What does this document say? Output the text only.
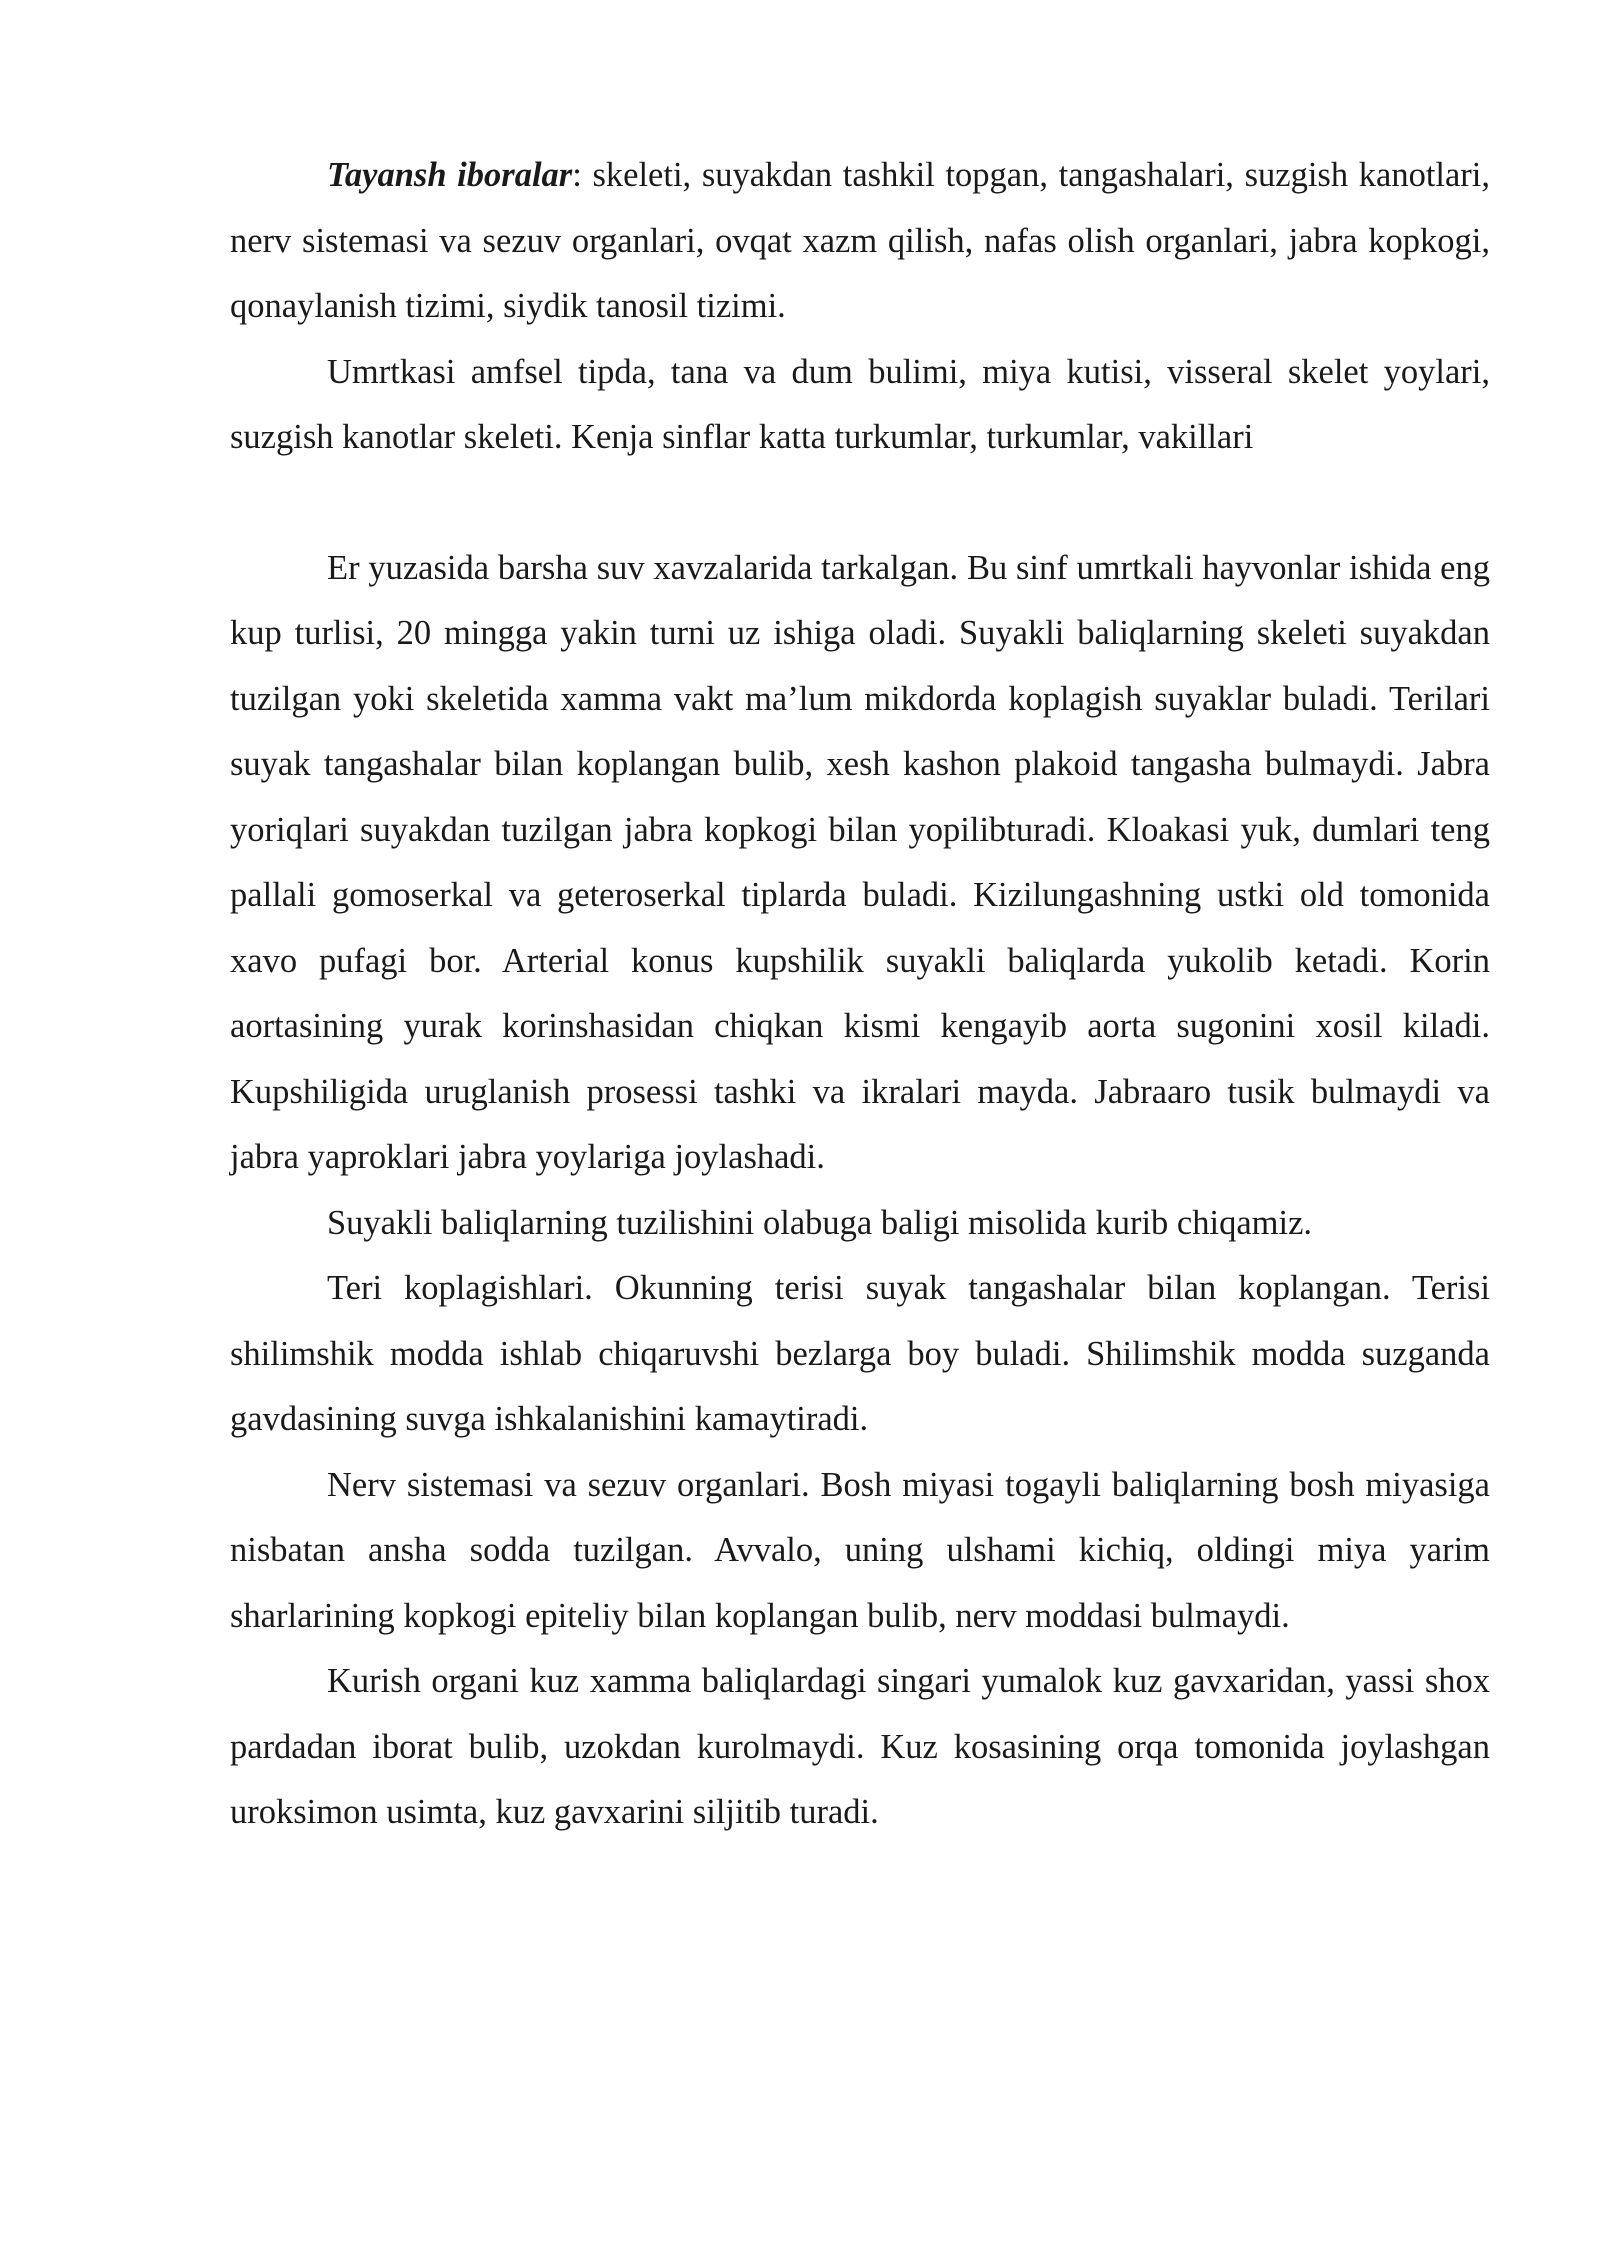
Tayansh iboralar: skeleti, suyakdan tashkil topgan, tangashalari, suzgish kanotlari, nerv sistemasi va sezuv organlari, ovqat xazm qilish, nafas olish organlari, jabra kopkogi, qonaylanish tizimi, siydik tanosil tizimi.

Umrtkasi amfsel tipda, tana va dum bulimi, miya kutisi, visseral skelet yoylari, suzgish kanotlar skeleti. Kenja sinflar katta turkumlar, turkumlar, vakillari

Er yuzasida barsha suv xavzalarida tarkalgan. Bu sinf umrtkali hayvonlar ishida eng kup turlisi, 20 mingga yakin turni uz ishiga oladi. Suyakli baliqlarning skeleti suyakdan tuzilgan yoki skeletida xamma vakt ma’lum mikdorda koplagish suyaklar buladi. Terilari suyak tangashalar bilan koplangan bulib, xesh kashon plakoid tangasha bulmaydi. Jabra yoriqlari suyakdan tuzilgan jabra kopkogi bilan yopilibturadi. Kloakasi yuk, dumlari teng pallali gomoserkal va geteroserkal tiplarda buladi. Kizilungashning ustki old tomonida xavo pufagi bor. Arterial konus kupshilik suyakli baliqlarda yukolib ketadi. Korin aortasining yurak korinshasidan chiqkan kismi kengayib aorta sugonini xosil kiladi. Kupshiligida uruglanish prosessi tashki va ikralari mayda. Jabraaro tusik bulmaydi va jabra yaproklari jabra yoylariga joylashadi.

Suyakli baliqlarning tuzilishini olabuga baligi misolida kurib chiqamiz.

Teri koplagishlari. Okunning terisi suyak tangashalar bilan koplangan. Terisi shilimshik modda ishlab chiqaruvshi bezlarga boy buladi. Shilimshik modda suzganda gavdasining suvga ishkalanishini kamaytiradi.

Nerv sistemasi va sezuv organlari. Bosh miyasi togayli baliqlarning bosh miyasiga nisbatan ansha sodda tuzilgan. Avvalo, uning ulshami kichiq, oldingi miya yarim sharlarining kopkogi epiteliy bilan koplangan bulib, nerv moddasi bulmaydi.

Kurish organi kuz xamma baliqlardagi singari yumalok kuz gavxaridan, yassi shox pardadan iborat bulib, uzokdan kurolmaydi. Kuz kosasining orqa tomonida joylashgan uroksimon usimta, kuz gavxarini siljitib turadi.
